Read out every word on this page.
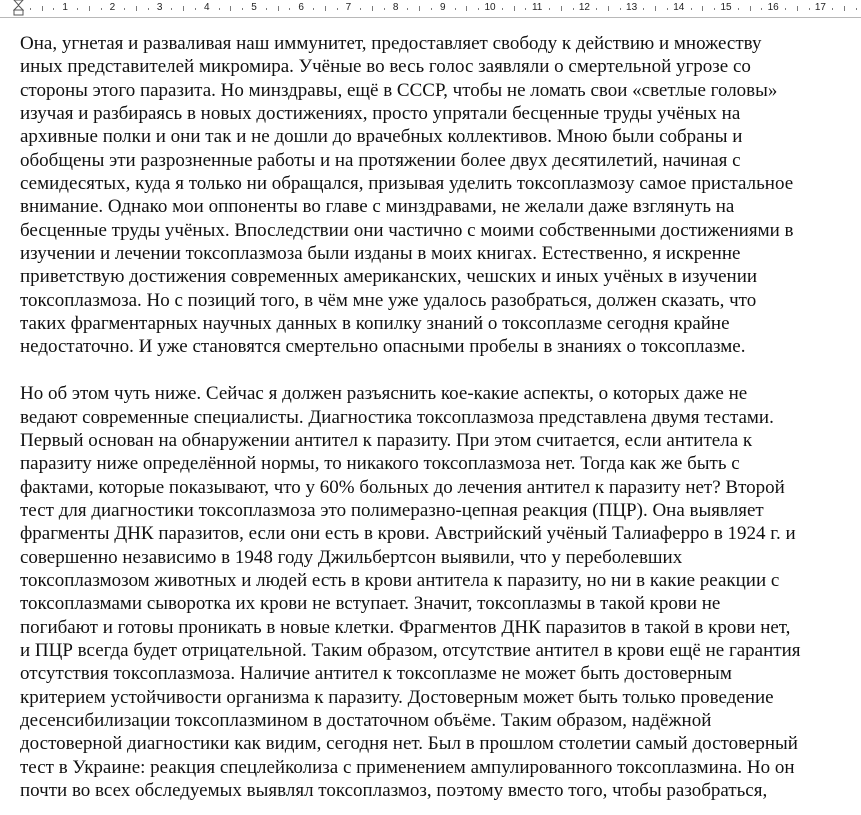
1	2	3	4	5	6	7	8	9	10	11	12	13	14	15	16	17

Она, угнетая и разваливая наш иммунитет, предоставляет свободу к действию и множеству
иных представителей микромира. Учёные во весь голос заявляли о смертельной угрозе со
стороны этого паразита. Но минздравы, ещё в СССР, чтобы не ломать свои «светлые головы»
изучая и разбираясь в новых достижениях, просто упрятали бесценные труды учёных на
архивные полки и они так и не дошли до врачебных коллективов. Мною были собраны и
обобщены эти разрозненные работы и на протяжении более двух десятилетий, начиная с
семидесятых, куда я только ни обращался, призывая уделить токсоплазмозу самое пристальное
внимание. Однако мои оппоненты во главе с минздравами, не желали даже взглянуть на
бесценные труды учёных. Впоследствии они частично с моими собственными достижениями в
изучении и лечении токсоплазмоза были изданы в моих книгах. Естественно, я искренне
приветствую достижения современных американских, чешских и иных учёных в изучении
токсоплазмоза. Но с позиций того, в чём мне уже удалось разобраться, должен сказать, что
таких фрагментарных научных данных в копилку знаний о токсоплазме сегодня крайне
недостаточно. И уже становятся смертельно опасными пробелы в знаниях о токсоплазме.

Но об этом чуть ниже. Сейчас я должен разъяснить кое-какие аспекты, о которых даже не
ведают современные специалисты. Диагностика токсоплазмоза представлена двумя тестами.
Первый основан на обнаружении антител к паразиту. При этом считается, если антитела к
паразиту ниже определённой нормы, то никакого токсоплазмоза нет. Тогда как же быть с
фактами, которые показывают, что у 60% больных до лечения антител к паразиту нет? Второй
тест для диагностики токсоплазмоза это полимеразно-цепная реакция (ПЦР). Она выявляет
фрагменты ДНК паразитов, если они есть в крови. Австрийский учёный Талиаферро в 1924 г. и
совершенно независимо в 1948 году Джильбертсон выявили, что у переболевших
токсоплазмозом животных и людей есть в крови антитела к паразиту, но ни в какие реакции с
токсоплазмами сыворотка их крови не вступает. Значит, токсоплазмы в такой крови не
погибают и готовы проникать в новые клетки. Фрагментов ДНК паразитов в такой в крови нет,
и ПЦР всегда будет отрицательной. Таким образом, отсутствие антител в крови ещё не гарантия
отсутствия токсоплазмоза. Наличие антител к токсоплазме не может быть достоверным
критерием устойчивости организма к паразиту. Достоверным может быть только проведение
десенсибилизации токсоплазмином в достаточном объёме. Таким образом, надёжной
достоверной диагностики как видим, сегодня нет. Был в прошлом столетии самый достоверный
тест в Украине: реакция спецлейколиза с применением ампулированного токсоплазмина. Но он
почти во всех обследуемых выявлял токсоплазмоз, поэтому вместо того, чтобы разобраться,
